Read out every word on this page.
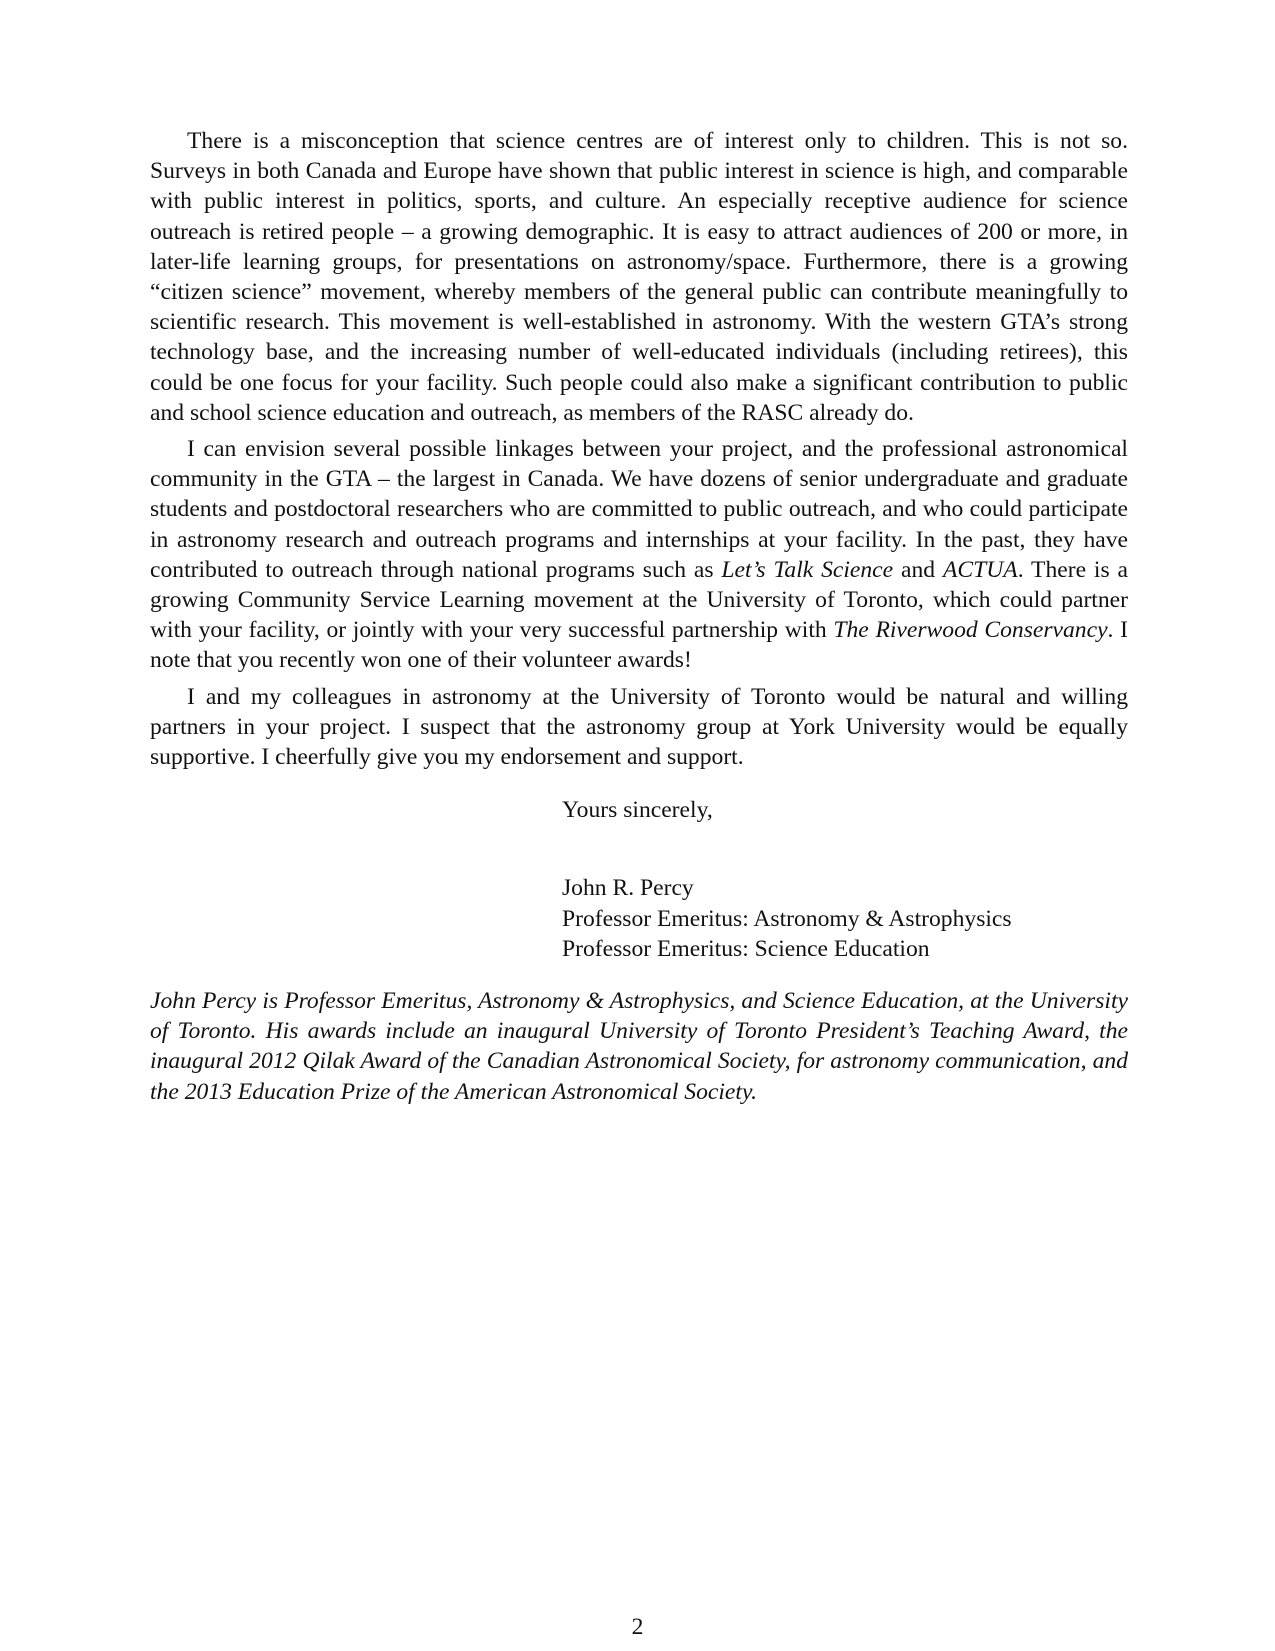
There is a misconception that science centres are of interest only to children. This is not so. Surveys in both Canada and Europe have shown that public interest in science is high, and comparable with public interest in politics, sports, and culture. An especially receptive audience for science outreach is retired people – a growing demographic. It is easy to attract audiences of 200 or more, in later-life learning groups, for presentations on astronomy/space. Furthermore, there is a growing “citizen science” movement, whereby members of the general public can contribute meaningfully to scientific research. This movement is well-established in astronomy. With the western GTA’s strong technology base, and the increasing number of well-educated individuals (including retirees), this could be one focus for your facility. Such people could also make a significant contribution to public and school science education and outreach, as members of the RASC already do.

I can envision several possible linkages between your project, and the professional astronomical community in the GTA – the largest in Canada. We have dozens of senior undergraduate and graduate students and postdoctoral researchers who are committed to public outreach, and who could participate in astronomy research and outreach programs and internships at your facility. In the past, they have contributed to outreach through national programs such as Let’s Talk Science and ACTUA. There is a growing Community Service Learning movement at the University of Toronto, which could partner with your facility, or jointly with your very successful partnership with The Riverwood Conservancy. I note that you recently won one of their volunteer awards!

I and my colleagues in astronomy at the University of Toronto would be natural and willing partners in your project. I suspect that the astronomy group at York University would be equally supportive. I cheerfully give you my endorsement and support.

Yours sincerely,
John R. Percy
Professor Emeritus: Astronomy & Astrophysics
Professor Emeritus: Science Education

John Percy is Professor Emeritus, Astronomy & Astrophysics, and Science Education, at the University of Toronto. His awards include an inaugural University of Toronto President’s Teaching Award, the inaugural 2012 Qilak Award of the Canadian Astronomical Society, for astronomy communication, and the 2013 Education Prize of the American Astronomical Society.

2
